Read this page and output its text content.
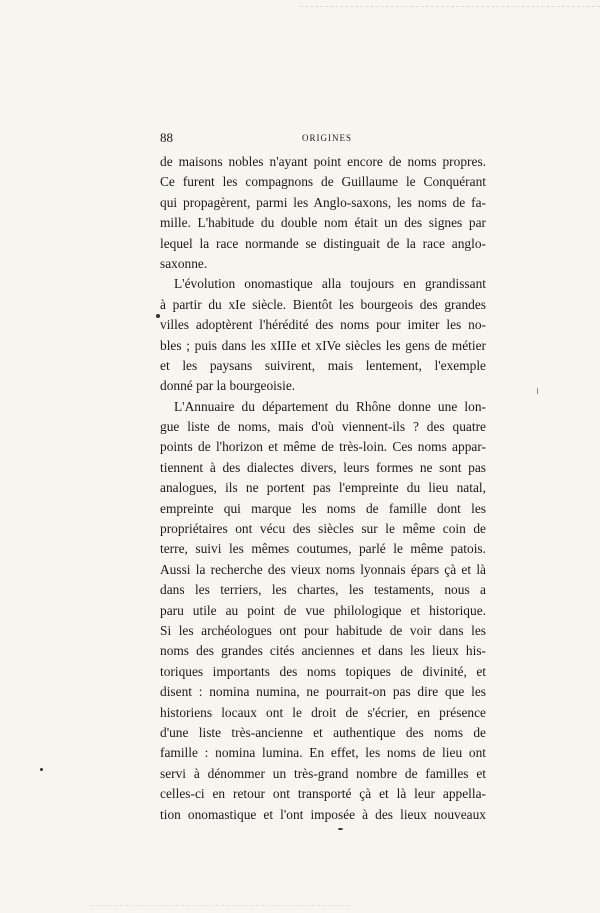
88	ORIGINES
de maisons nobles n'ayant point encore de noms propres.
Ce furent les compagnons de Guillaume le Conquérant
qui propagèrent, parmi les Anglo-saxons, les noms de fa-
mille. L'habitude du double nom était un des signes par
lequel la race normande se distinguait de la race anglo-
saxonne.
L'évolution onomastique alla toujours en grandissant
à partir du xIe siècle. Bientôt les bourgeois des grandes
villes adoptèrent l'hérédité des noms pour imiter les no-
bles ; puis dans les xIIIe et xIVe siècles les gens de métier
et les paysans suivirent, mais lentement, l'exemple
donné par la bourgeoisie.
L'Annuaire du département du Rhône donne une lon-
gue liste de noms, mais d'où viennent-ils ? des quatre
points de l'horizon et même de très-loin. Ces noms appar-
tiennent à des dialectes divers, leurs formes ne sont pas
analogues, ils ne portent pas l'empreinte du lieu natal,
empreinte qui marque les noms de famille dont les
propriétaires ont vécu des siècles sur le même coin de
terre, suivi les mêmes coutumes, parlé le même patois.
Aussi la recherche des vieux noms lyonnais épars çà et là
dans les terriers, les chartes, les testaments, nous a
paru utile au point de vue philologique et historique.
Si les archéologues ont pour habitude de voir dans les
noms des grandes cités anciennes et dans les lieux his-
toriques importants des noms topiques de divinité, et
disent : nomina numina, ne pourrait-on pas dire que les
historiens locaux ont le droit de s'écrier, en présence
d'une liste très-ancienne et authentique des noms de
famille : nomina lumina. En effet, les noms de lieu ont
servi à dénommer un très-grand nombre de familles et
celles-ci en retour ont transporté çà et là leur appella-
tion onomastique et l'ont imposée à des lieux nouveaux
